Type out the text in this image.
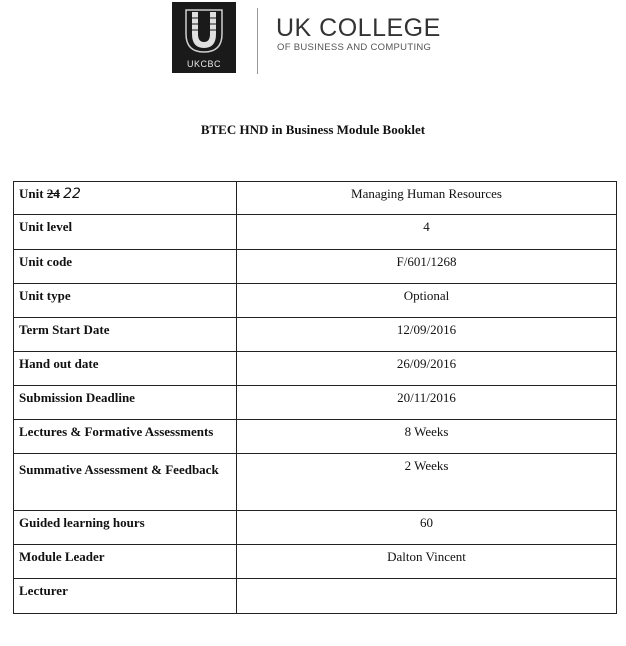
UKCBC
UK COLLEGE
OF BUSINESS AND COMPUTING
BTEC HND in Business Module Booklet
Unit 24 22	Managing Human Resources
Unit level	4
Unit code	F/601/1268
Unit type	Optional
Term Start Date	12/09/2016
Hand out date	26/09/2016
Submission Deadline	20/11/2016
Lectures & Formative Assessments	8 Weeks
Summative Assessment & Feedback	2 Weeks
Guided learning hours	60
Module Leader	Dalton Vincent
Lecturer	
